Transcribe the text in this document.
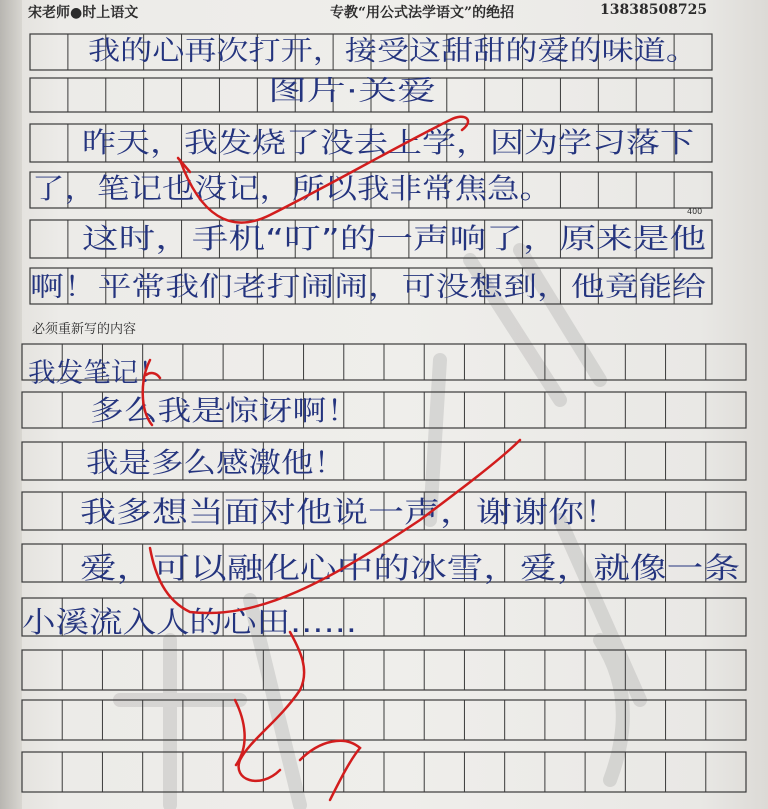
宋老师●时上语文	专教“用公式法学语文”的绝招	13838508725
我的心再次打开，接受这甜甜的爱的味道。
图片·关爱
昨天，我发烧了没去上学，因为学习落下
了，笔记也没记，所以我非常焦急。
这时，手机“叮”的一声响了，原来是他
啊！平常我们老打闹闹，可没想到，他竟能给
我发笔记！
多么我是惊讶啊！
我是多么感激他！
我多想当面对他说一声，谢谢你！
爱，可以融化心中的冰雪，爱，就像一条
小溪流入人的心田……
400
必须重新写的内容
